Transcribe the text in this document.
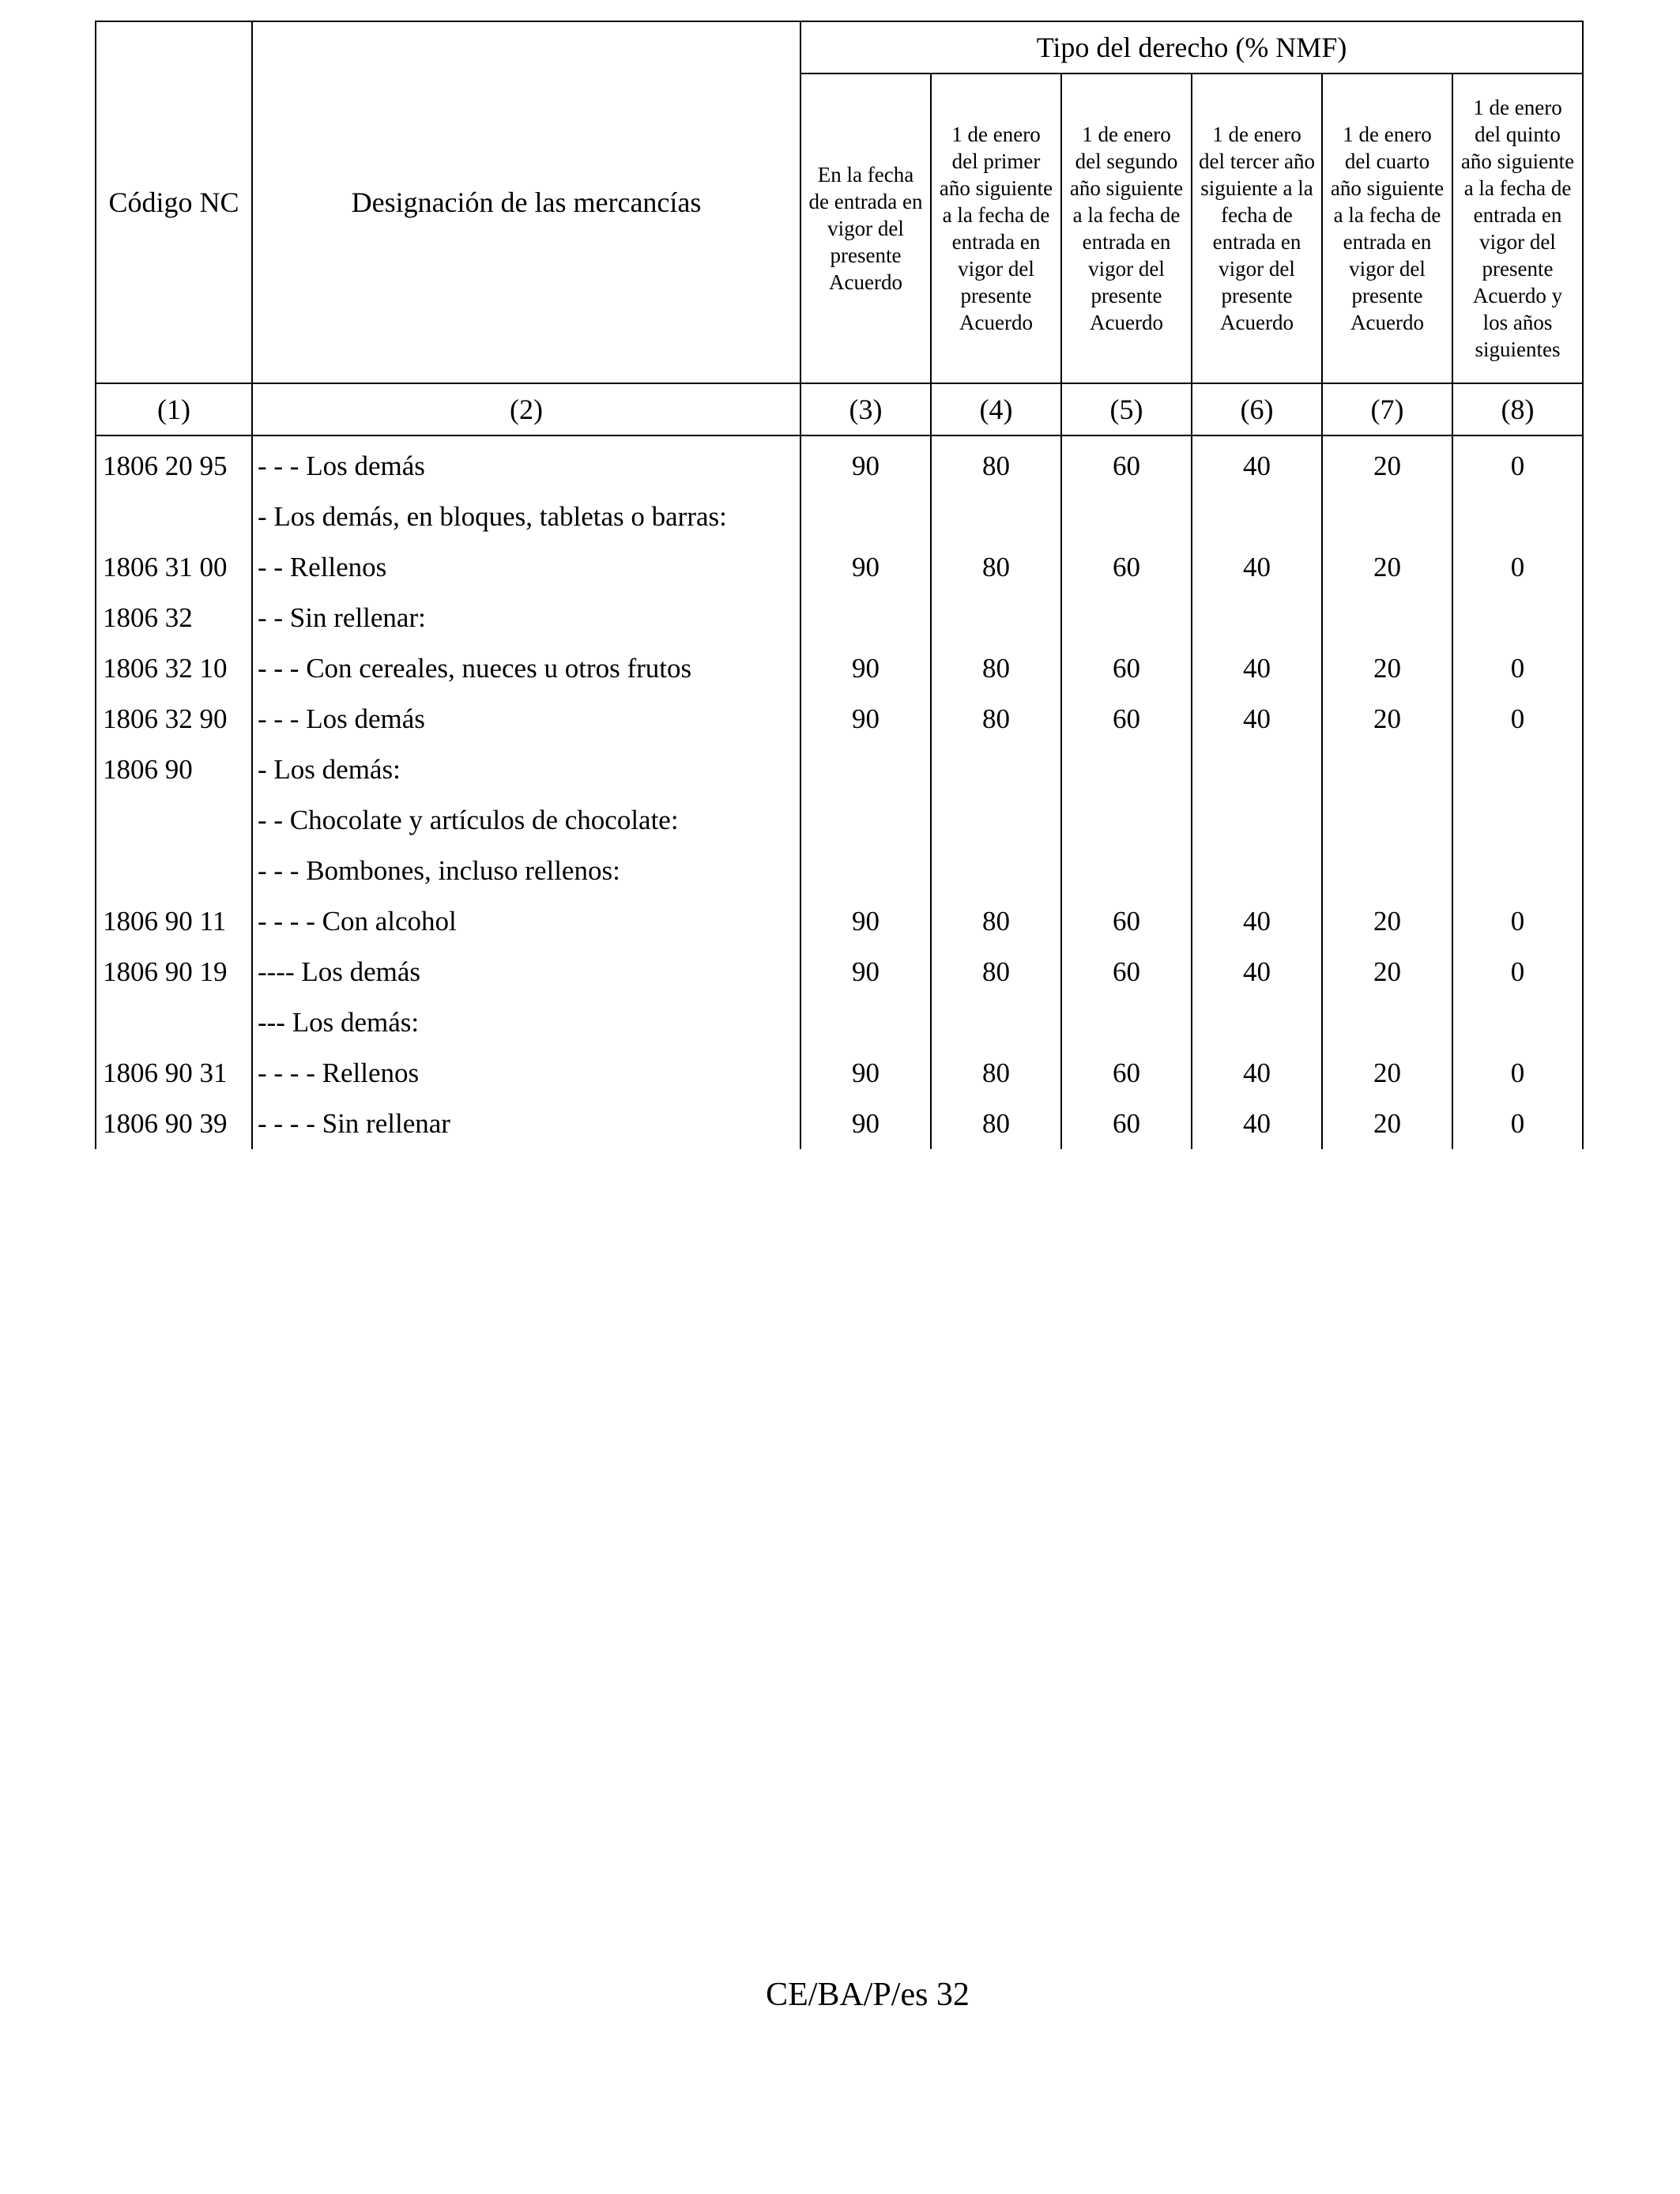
Código NC	Designación de las mercancías	Tipo del derecho (% NMF)					
		En la fecha de entrada en vigor del presente Acuerdo	1 de enero del primer año siguiente a la fecha de entrada en vigor del presente Acuerdo	1 de enero del segundo año siguiente a la fecha de entrada en vigor del presente Acuerdo	1 de enero del tercer año siguiente a la fecha de entrada en vigor del presente Acuerdo	1 de enero del cuarto año siguiente a la fecha de entrada en vigor del presente Acuerdo	1 de enero del quinto año siguiente a la fecha de entrada en vigor del presente Acuerdo y los años siguientes
(1)	(2)	(3)	(4)	(5)	(6)	(7)	(8)
1806 20 95	- - - Los demás	90	80	60	40	20	0
	- Los demás, en bloques, tabletas o barras:						
1806 31 00	- - Rellenos	90	80	60	40	20	0
1806 32	- - Sin rellenar:						
1806 32 10	- - - Con cereales, nueces u otros frutos	90	80	60	40	20	0
1806 32 90	- - - Los demás	90	80	60	40	20	0
1806 90	- Los demás:						
	- - Chocolate y artículos de chocolate:						
	- - - Bombones, incluso rellenos:						
1806 90 11	- - - - Con alcohol	90	80	60	40	20	0
1806 90 19	---- Los demás	90	80	60	40	20	0
	--- Los demás:						
1806 90 31	- - - - Rellenos	90	80	60	40	20	0
1806 90 39	- - - - Sin rellenar	90	80	60	40	20	0
CE/BA/P/es 32
